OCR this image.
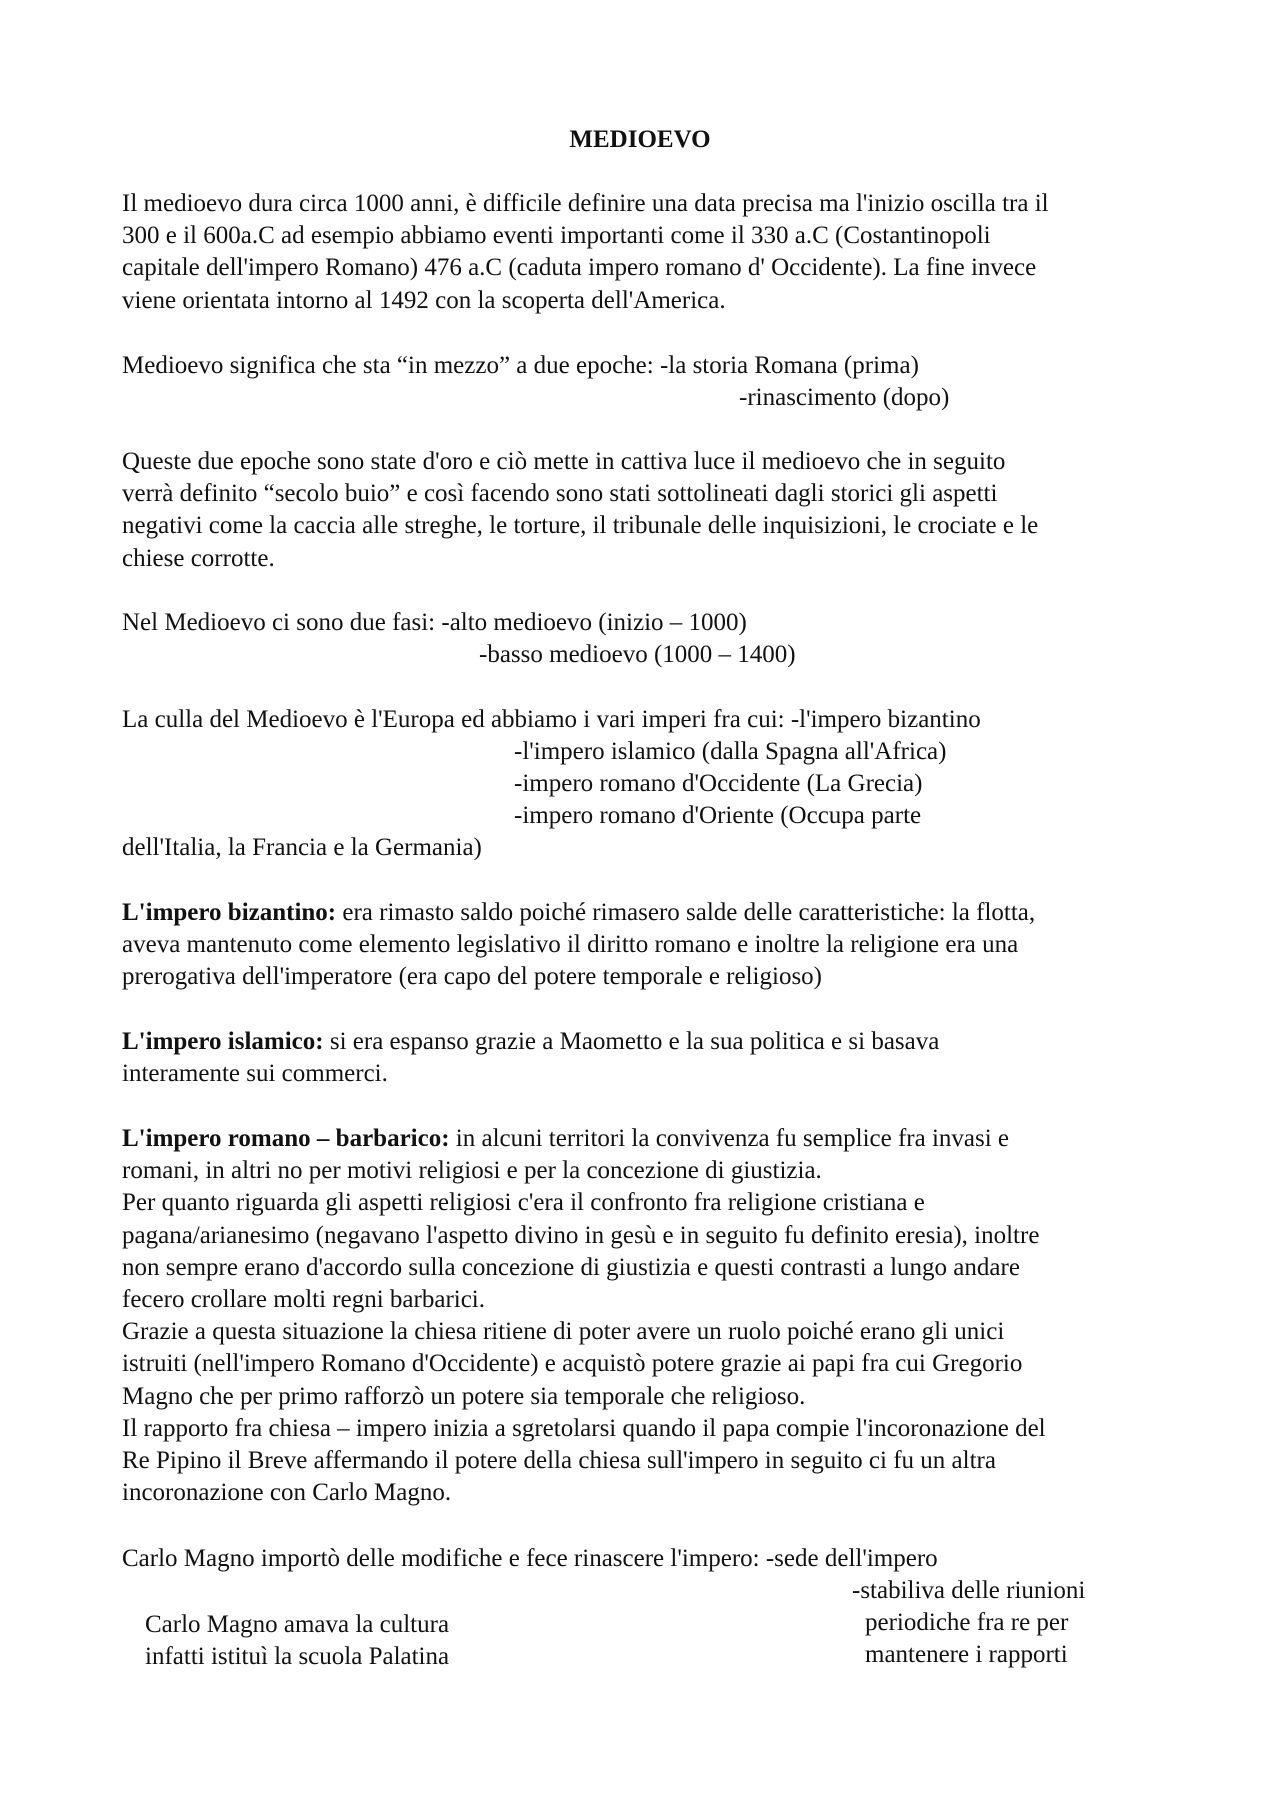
MEDIOEVO
Il medioevo dura circa 1000 anni, è difficile definire una data precisa ma l'inizio oscilla tra il
300 e il 600a.C ad esempio abbiamo eventi importanti come il 330 a.C (Costantinopoli
capitale dell'impero Romano) 476 a.C (caduta impero romano d' Occidente). La fine invece
viene orientata intorno al 1492 con la scoperta dell'America.
Medioevo significa che sta “in mezzo” a due epoche: -la storia Romana (prima)
-rinascimento (dopo)
Queste due epoche sono state d'oro e ciò mette in cattiva luce il medioevo che in seguito
verrà definito “secolo buio” e così facendo sono stati sottolineati dagli storici gli aspetti
negativi come la caccia alle streghe, le torture, il tribunale delle inquisizioni, le crociate e le
chiese corrotte.
Nel Medioevo ci sono due fasi: -alto medioevo (inizio – 1000)
-basso medioevo (1000 – 1400)
La culla del Medioevo è l'Europa ed abbiamo i vari imperi fra cui: -l'impero bizantino
-l'impero islamico (dalla Spagna all'Africa)
-impero romano d'Occidente (La Grecia)
-impero romano d'Oriente (Occupa parte
dell'Italia, la Francia e la Germania)
L'impero bizantino: era rimasto saldo poiché rimasero salde delle caratteristiche: la flotta,
aveva mantenuto come elemento legislativo il diritto romano e inoltre la religione era una
prerogativa dell'imperatore (era capo del potere temporale e religioso)
L'impero islamico: si era espanso grazie a Maometto e la sua politica e si basava
interamente sui commerci.
L'impero romano – barbarico: in alcuni territori la convivenza fu semplice fra invasi e
romani, in altri no per motivi religiosi e per la concezione di giustizia.
Per quanto riguarda gli aspetti religiosi c'era il confronto fra religione cristiana e
pagana/arianesimo (negavano l'aspetto divino in gesù e in seguito fu definito eresia), inoltre
non sempre erano d'accordo sulla concezione di giustizia e questi contrasti a lungo andare
fecero crollare molti regni barbarici.
Grazie a questa situazione la chiesa ritiene di poter avere un ruolo poiché erano gli unici
istruiti (nell'impero Romano d'Occidente) e acquistò potere grazie ai papi fra cui Gregorio
Magno che per primo rafforzò un potere sia temporale che religioso.
Il rapporto fra chiesa – impero inizia a sgretolarsi quando il papa compie l'incoronazione del
Re Pipino il Breve affermando il potere della chiesa sull'impero in seguito ci fu un altra
incoronazione con Carlo Magno.
Carlo Magno importò delle modifiche e fece rinascere l'impero: -sede dell'impero
-stabiliva delle riunioni
periodiche fra re per
mantenere i rapporti
Carlo Magno amava la cultura
infatti istituì la scuola Palatina
